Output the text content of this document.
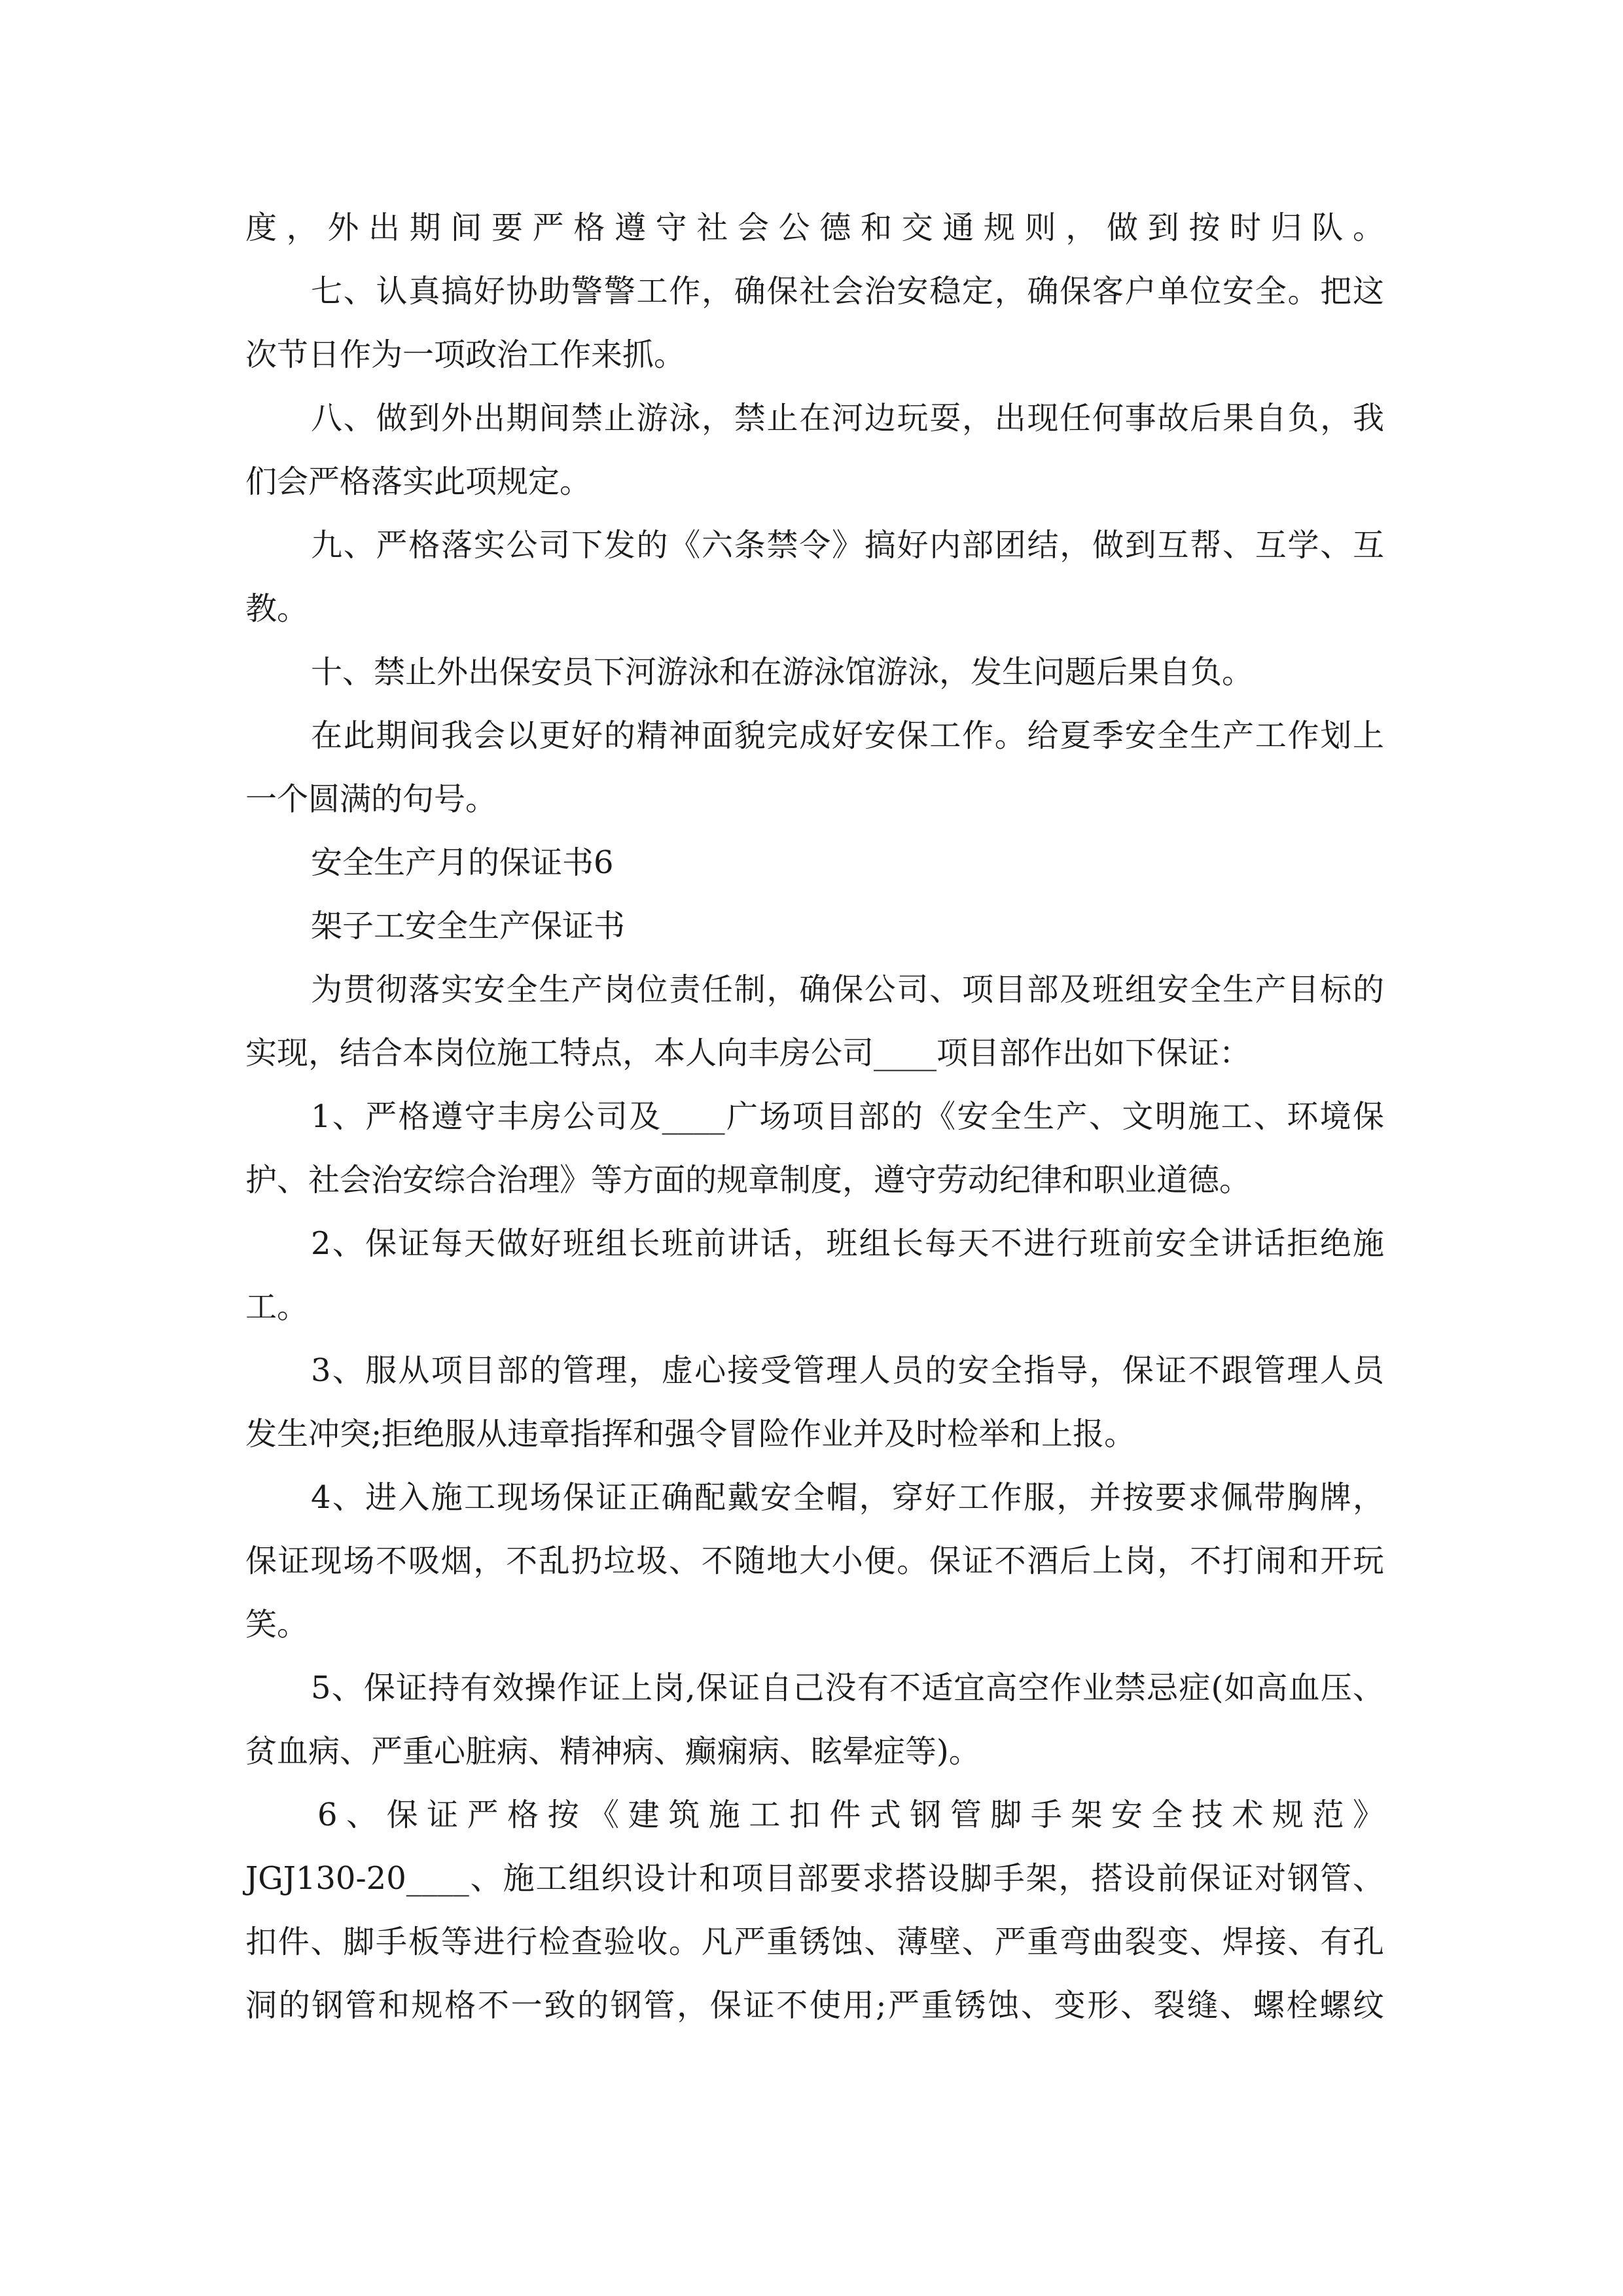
度，外出期间要严格遵守社会公德和交通规则，做到按时归队。
七、认真搞好协助警警工作，确保社会治安稳定，确保客户单位安全。把这
次节日作为一项政治工作来抓。
八、做到外出期间禁止游泳，禁止在河边玩耍，出现任何事故后果自负，我
们会严格落实此项规定。
九、严格落实公司下发的《六条禁令》搞好内部团结，做到互帮、互学、互
教。
十、禁止外出保安员下河游泳和在游泳馆游泳，发生问题后果自负。
在此期间我会以更好的精神面貌完成好安保工作。给夏季安全生产工作划上
一个圆满的句号。
安全生产月的保证书6
架子工安全生产保证书
为贯彻落实安全生产岗位责任制，确保公司、项目部及班组安全生产目标的
实现，结合本岗位施工特点，本人向丰房公司____项目部作出如下保证：
1、严格遵守丰房公司及____广场项目部的《安全生产、文明施工、环境保
护、社会治安综合治理》等方面的规章制度，遵守劳动纪律和职业道德。
2、保证每天做好班组长班前讲话，班组长每天不进行班前安全讲话拒绝施
工。
3、服从项目部的管理，虚心接受管理人员的安全指导，保证不跟管理人员
发生冲突;拒绝服从违章指挥和强令冒险作业并及时检举和上报。
4、进入施工现场保证正确配戴安全帽，穿好工作服，并按要求佩带胸牌，
保证现场不吸烟，不乱扔垃圾、不随地大小便。保证不酒后上岗，不打闹和开玩
笑。
5、保证持有效操作证上岗,保证自己没有不适宜高空作业禁忌症(如高血压、
贫血病、严重心脏病、精神病、癫痫病、眩晕症等)。
6、保证严格按《建筑施工扣件式钢管脚手架安全技术规范》
JGJ130-20____、施工组织设计和项目部要求搭设脚手架，搭设前保证对钢管、
扣件、脚手板等进行检查验收。凡严重锈蚀、薄壁、严重弯曲裂变、焊接、有孔
洞的钢管和规格不一致的钢管，保证不使用;严重锈蚀、变形、裂缝、螺栓螺纹
